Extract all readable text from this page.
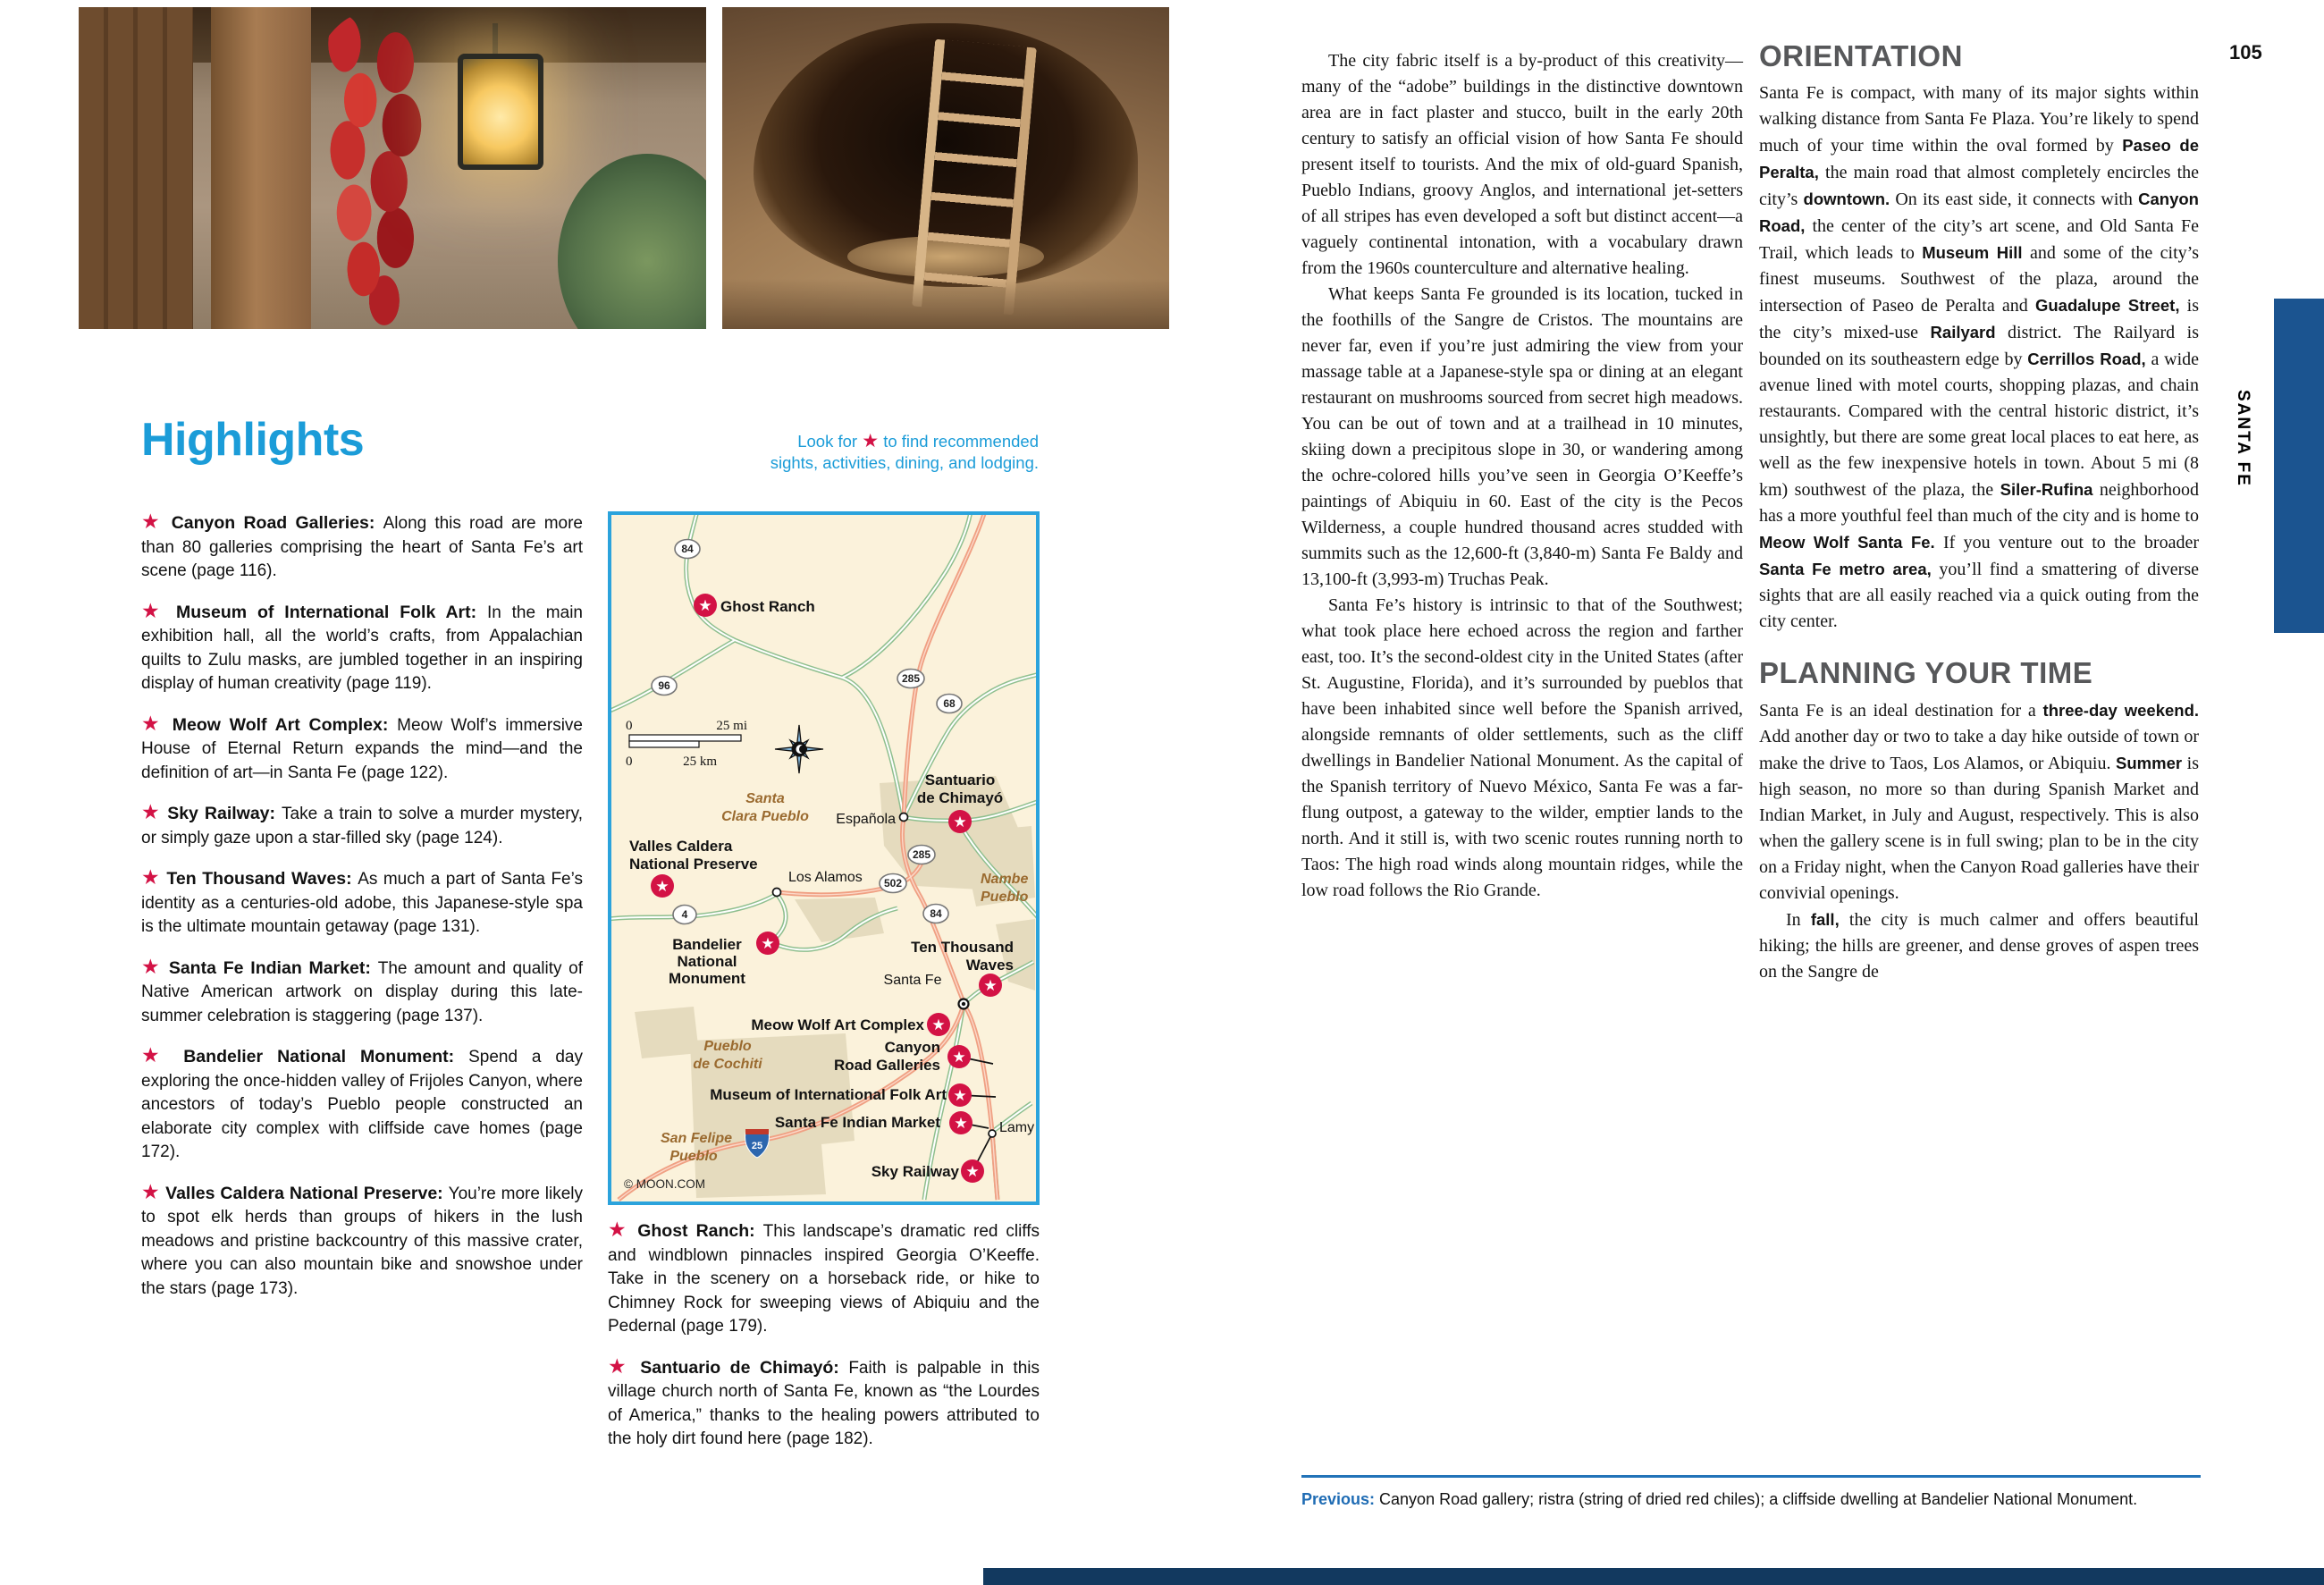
Highlights	Look for ★ to find recommended
sights, activities, dining, and lodging.

★ Canyon Road Galleries: Along this road are more than 80 galleries comprising the heart of Santa Fe’s art scene (page 116).

★ Museum of International Folk Art: In the main exhibition hall, all the world’s crafts, from Appalachian quilts to Zulu masks, are jumbled together in an inspiring display of human creativity (page 119).

★ Meow Wolf Art Complex: Meow Wolf’s immersive House of Eternal Return expands the mind—and the definition of art—in Santa Fe (page 122).

★ Sky Railway: Take a train to solve a murder mystery, or simply gaze upon a star-filled sky (page 124).

★ Ten Thousand Waves: As much a part of Santa Fe’s identity as a centuries-old adobe, this Japanese-style spa is the ultimate mountain getaway (page 131).

★ Santa Fe Indian Market: The amount and quality of Native American artwork on display during this late-summer celebration is staggering (page 137).

★ Bandelier National Monument: Spend a day exploring the once-hidden valley of Frijoles Canyon, where ancestors of today’s Pueblo people constructed an elaborate city complex with cliffside cave homes (page 172).

★ Valles Caldera National Preserve: You’re more likely to spot elk herds than groups of hikers in the lush meadows and pristine backcountry of this massive crater, where you can also mountain bike and snowshoe under the stars (page 173).

★ Ghost Ranch: This landscape’s dramatic red cliffs and windblown pinnacles inspired Georgia O’Keeffe. Take in the scenery on a horseback ride, or hike to Chimney Rock for sweeping views of Abiquiu and the Pedernal (page 179).

★ Santuario de Chimayó: Faith is palpable in this village church north of Santa Fe, known as “the Lourdes of America,” thanks to the healing powers attributed to the holy dirt found here (page 182).

84
96
285
68
502
285
84
4
25
★
★
★
★
★
★
★
★
★
★
Ghost Ranch
Santa
Clara Pueblo Española
Santuario
de Chimayó
Valles Caldera
National Preserve
Los Alamos	Nambe
Pueblo
Bandelier
National
Monument
Ten Thousand
Waves
Santa Fe
Meow Wolf Art Complex
Pueblo
de Cochiti
Canyon
Road Galleries
Museum of International Folk Art
Santa Fe Indian Market	Lamy
San Felipe
Pueblo
Sky Railway
0	25 mi
0	25 km
© MOON.COM

The city fabric itself is a by-product of this creativity—many of the “adobe” buildings in the distinctive downtown area are in fact plaster and stucco, built in the early 20th century to satisfy an official vision of how Santa Fe should present itself to tourists. And the mix of old-guard Spanish, Pueblo Indians, groovy Anglos, and international jet-setters of all stripes has even developed a soft but distinct accent—a vaguely continental intonation, with a vocabulary drawn from the 1960s counterculture and alternative healing.

What keeps Santa Fe grounded is its location, tucked in the foothills of the Sangre de Cristos. The mountains are never far, even if you’re just admiring the view from your massage table at a Japanese-style spa or dining at an elegant restaurant on mushrooms sourced from secret high meadows. You can be out of town and at a trailhead in 10 minutes, skiing down a precipitous slope in 30, or wandering among the ochre-colored hills you’ve seen in Georgia O’Keeffe’s paintings of Abiquiu in 60. East of the city is the Pecos Wilderness, a couple hundred thousand acres studded with summits such as the 12,600-ft (3,840-m) Santa Fe Baldy and 13,100-ft (3,993-m) Truchas Peak.

Santa Fe’s history is intrinsic to that of the Southwest; what took place here echoed across the region and farther east, too. It’s the second-oldest city in the United States (after St. Augustine, Florida), and it’s surrounded by pueblos that have been inhabited since well before the Spanish arrived, alongside remnants of older settlements, such as the cliff dwellings in Bandelier National Monument. As the capital of the Spanish territory of Nuevo México, Santa Fe was a far-flung outpost, a gateway to the wilder, emptier lands to the north. And it still is, with two scenic routes running north to Taos: The high road winds along mountain ridges, while the low road follows the Rio Grande.

ORIENTATION

Santa Fe is compact, with many of its major sights within walking distance from Santa Fe Plaza. You’re likely to spend much of your time within the oval formed by Paseo de Peralta, the main road that almost completely encircles the city’s downtown. On its east side, it connects with Canyon Road, the center of the city’s art scene, and Old Santa Fe Trail, which leads to Museum Hill and some of the city’s finest museums. Southwest of the plaza, around the intersection of Paseo de Peralta and Guadalupe Street, is the city’s mixed-use Railyard district. The Railyard is bounded on its southeastern edge by Cerrillos Road, a wide avenue lined with motel courts, shopping plazas, and chain restaurants. Compared with the central historic district, it’s unsightly, but there are some great local places to eat here, as well as the few inexpensive hotels in town. About 5 mi (8 km) southwest of the plaza, the Siler-Rufina neighborhood has a more youthful feel than much of the city and is home to Meow Wolf Santa Fe. If you venture out to the broader Santa Fe metro area, you’ll find a smattering of diverse sights that are all easily reached via a quick outing from the city center.

PLANNING YOUR TIME

Santa Fe is an ideal destination for a three-day weekend. Add another day or two to take a day hike outside of town or make the drive to Taos, Los Alamos, or Abiquiu. Summer is high season, no more so than during Spanish Market and Indian Market, in July and August, respectively. This is also when the gallery scene is in full swing; plan to be in the city on a Friday night, when the Canyon Road galleries have their convivial openings.

In fall, the city is much calmer and offers beautiful hiking; the hills are greener, and dense groves of aspen trees on the Sangre de

Previous: Canyon Road gallery; ristra (string of dried red chiles); a cliffside dwelling at Bandelier National Monument.
105
SANTA FE
